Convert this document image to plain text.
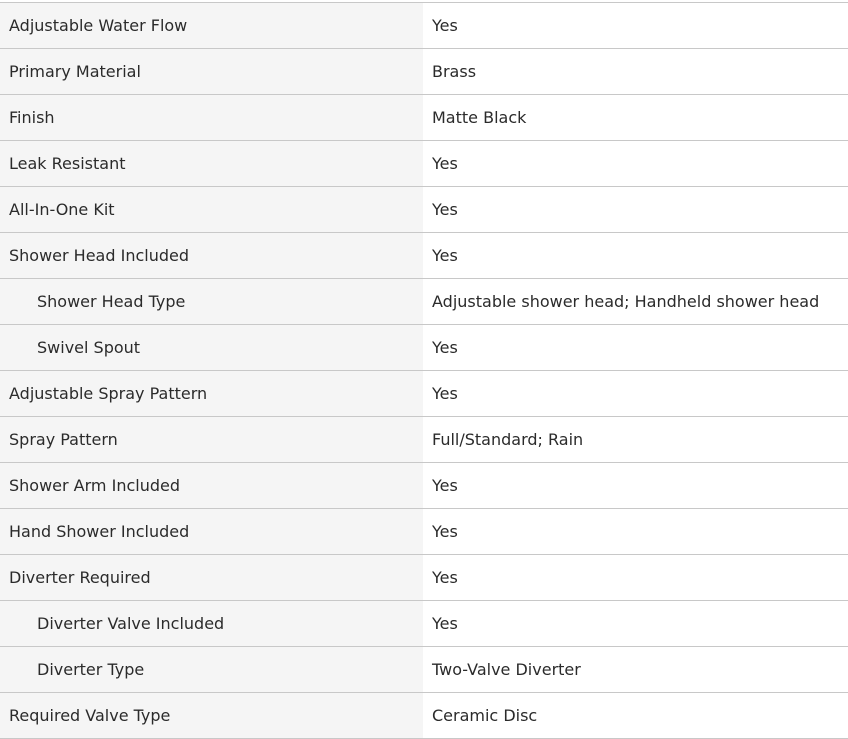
Adjustable Water Flow	Yes
Primary Material	Brass
Finish	Matte Black
Leak Resistant	Yes
All-In-One Kit	Yes
Shower Head Included	Yes
Shower Head Type	Adjustable shower head; Handheld shower head
Swivel Spout	Yes
Adjustable Spray Pattern	Yes
Spray Pattern	Full/Standard; Rain
Shower Arm Included	Yes
Hand Shower Included	Yes
Diverter Required	Yes
Diverter Valve Included	Yes
Diverter Type	Two-Valve Diverter
Required Valve Type	Ceramic Disc
